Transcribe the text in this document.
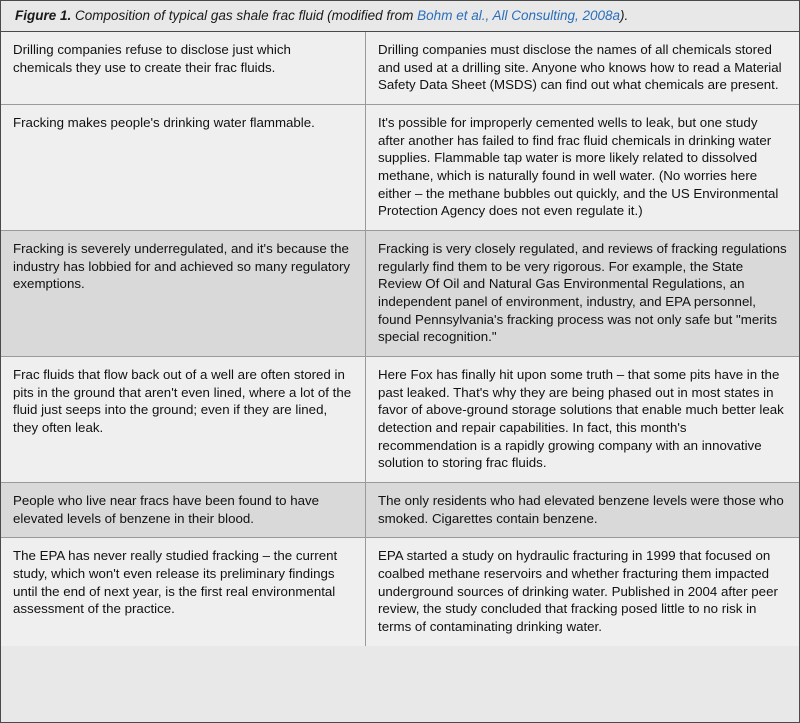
Figure 1. Composition of typical gas shale frac fluid (modified from Bohm et al., All Consulting, 2008a).

Drilling companies refuse to disclose just which chemicals they use to create their frac fluids.	Drilling companies must disclose the names of all chemicals stored and used at a drilling site. Anyone who knows how to read a Material Safety Data Sheet (MSDS) can find out what chemicals are present.

Fracking makes people's drinking water flammable.	It's possible for improperly cemented wells to leak, but one study after another has failed to find frac fluid chemicals in drinking water supplies. Flammable tap water is more likely related to dissolved methane, which is naturally found in well water. (No worries here either – the methane bubbles out quickly, and the US Environmental Protection Agency does not even regulate it.)

Fracking is severely underregulated, and it's because the industry has lobbied for and achieved so many regulatory exemptions.	Fracking is very closely regulated, and reviews of fracking regulations regularly find them to be very rigorous. For example, the State Review Of Oil and Natural Gas Environmental Regulations, an independent panel of environment, industry, and EPA personnel, found Pennsylvania's fracking process was not only safe but "merits special recognition."

Frac fluids that flow back out of a well are often stored in pits in the ground that aren't even lined, where a lot of the fluid just seeps into the ground; even if they are lined, they often leak.	Here Fox has finally hit upon some truth – that some pits have in the past leaked. That's why they are being phased out in most states in favor of above-ground storage solutions that enable much better leak detection and repair capabilities. In fact, this month's recommendation is a rapidly growing company with an innovative solution to storing frac fluids.

People who live near fracs have been found to have elevated levels of benzene in their blood.	The only residents who had elevated benzene levels were those who smoked. Cigarettes contain benzene.

The EPA has never really studied fracking – the current study, which won't even release its preliminary findings until the end of next year, is the first real environmental assessment of the practice.	EPA started a study on hydraulic fracturing in 1999 that focused on coalbed methane reservoirs and whether fracturing them impacted underground sources of drinking water. Published in 2004 after peer review, the study concluded that fracking posed little to no risk in terms of contaminating drinking water.
